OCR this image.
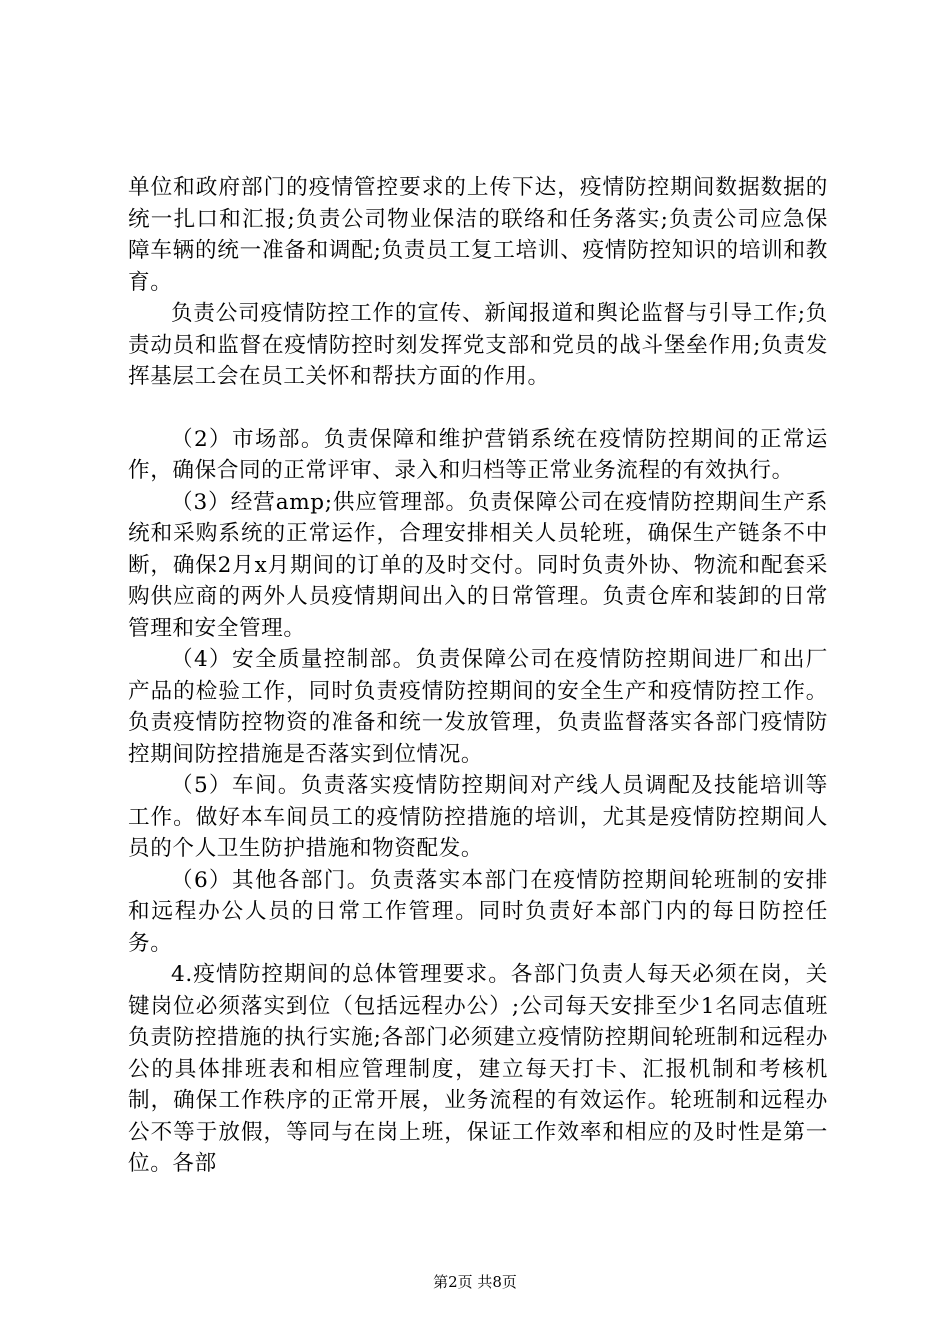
单位和政府部门的疫情管控要求的上传下达，疫情防控期间数据数据的统一扎口和汇报;负责公司物业保洁的联络和任务落实;负责公司应急保障车辆的统一准备和调配;负责员工复工培训、疫情防控知识的培训和教育。

负责公司疫情防控工作的宣传、新闻报道和舆论监督与引导工作;负责动员和监督在疫情防控时刻发挥党支部和党员的战斗堡垒作用;负责发挥基层工会在员工关怀和帮扶方面的作用。

（2）市场部。负责保障和维护营销系统在疫情防控期间的正常运作，确保合同的正常评审、录入和归档等正常业务流程的有效执行。

（3）经营amp;供应管理部。负责保障公司在疫情防控期间生产系统和采购系统的正常运作，合理安排相关人员轮班，确保生产链条不中断，确保2月x月期间的订单的及时交付。同时负责外协、物流和配套采购供应商的两外人员疫情期间出入的日常管理。负责仓库和装卸的日常管理和安全管理。

（4）安全质量控制部。负责保障公司在疫情防控期间进厂和出厂产品的检验工作，同时负责疫情防控期间的安全生产和疫情防控工作。负责疫情防控物资的准备和统一发放管理，负责监督落实各部门疫情防控期间防控措施是否落实到位情况。

（5）车间。负责落实疫情防控期间对产线人员调配及技能培训等工作。做好本车间员工的疫情防控措施的培训，尤其是疫情防控期间人员的个人卫生防护措施和物资配发。

（6）其他各部门。负责落实本部门在疫情防控期间轮班制的安排和远程办公人员的日常工作管理。同时负责好本部门内的每日防控任务。

4.疫情防控期间的总体管理要求。各部门负责人每天必须在岗，关键岗位必须落实到位（包括远程办公）;公司每天安排至少1名同志值班负责防控措施的执行实施;各部门必须建立疫情防控期间轮班制和远程办公的具体排班表和相应管理制度，建立每天打卡、汇报机制和考核机制，确保工作秩序的正常开展，业务流程的有效运作。轮班制和远程办公不等于放假，等同与在岗上班，保证工作效率和相应的及时性是第一位。各部

第2页 共8页
